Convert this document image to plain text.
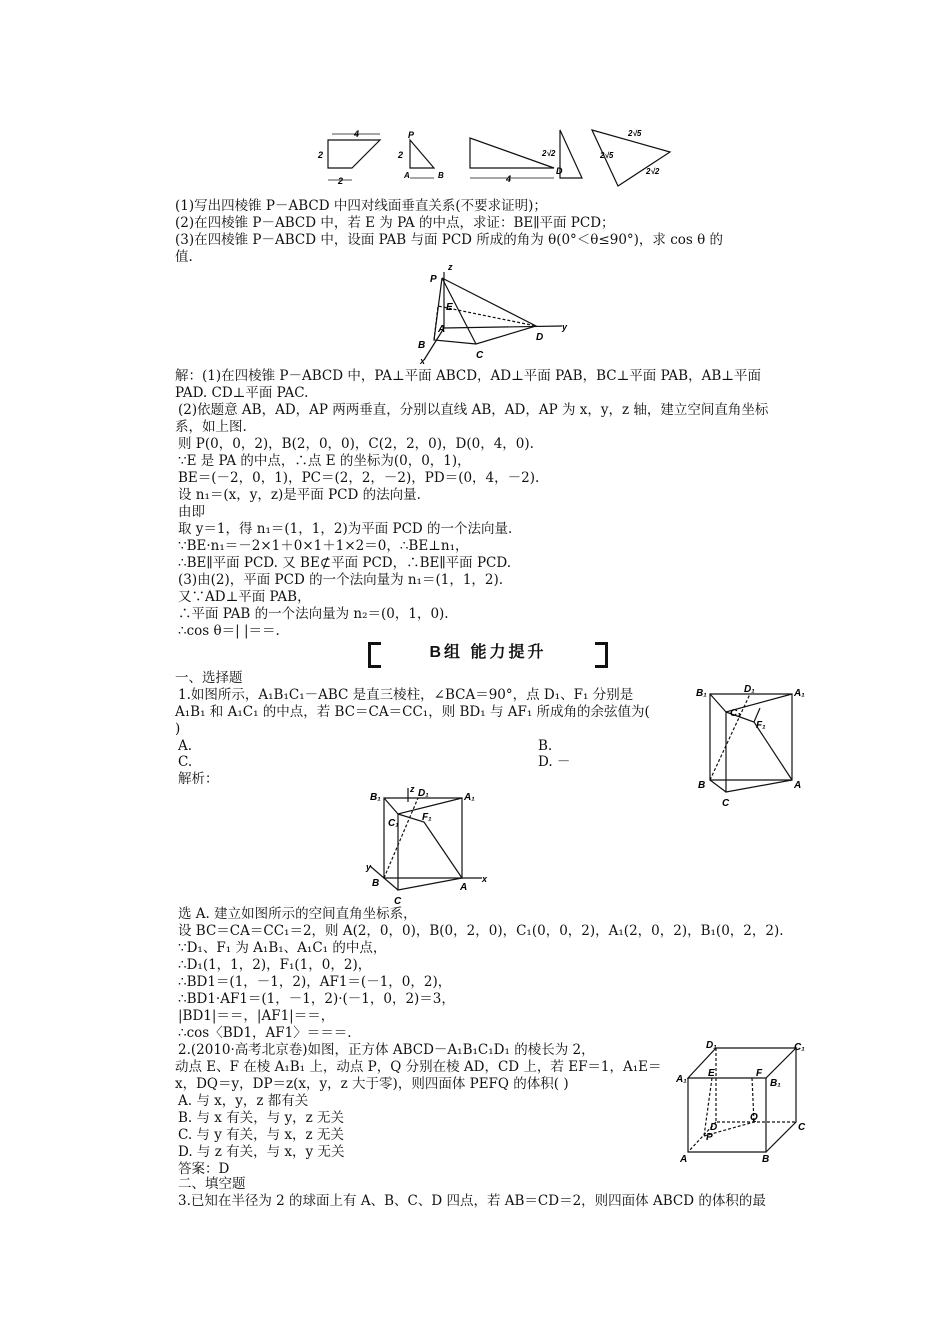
4
2
2
P
A	B
2
4
D
2√2
2√5
2√5
2√2
(1)写出四棱锥 P－ABCD 中四对线面垂直关系(不要求证明)；
(2)在四棱锥 P－ABCD 中，若 E 为 PA 的中点，求证：BE∥平面 PCD；
(3)在四棱锥 P－ABCD 中，设面 PAB 与面 PCD 所成的角为 θ(0°＜θ≤90°)，求 cos θ 的
值.
z
P
E
A
B
C
D
x
y
解：(1)在四棱锥 P－ABCD 中，PA⊥平面 ABCD，AD⊥平面 PAB，BC⊥平面 PAB，AB⊥平面
PAD. CD⊥平面 PAC.
(2)依题意 AB，AD，AP 两两垂直，分别以直线 AB，AD，AP 为 x，y，z 轴，建立空间直角坐标
系，如上图.
则 P(0，0，2)，B(2，0，0)，C(2，2，0)，D(0，4，0).
∵E 是 PA 的中点，∴点 E 的坐标为(0，0，1)，
BE＝(－2，0，1)，PC＝(2，2，－2)，PD＝(0，4，－2).
设 n₁＝(x，y，z)是平面 PCD 的法向量.
由即
取 y＝1，得 n₁＝(1，1，2)为平面 PCD 的一个法向量.
∵BE·n₁＝－2×1＋0×1＋1×2＝0，∴BE⊥n₁，
∴BE∥平面 PCD. 又 BE⊄平面 PCD，∴BE∥平面 PCD.
(3)由(2)，平面 PCD 的一个法向量为 n₁＝(1，1，2).
又∵AD⊥平面 PAB，
∴平面 PAB 的一个法向量为 n₂＝(0，1，0).
∴cos θ＝| |＝＝.
B组 能力提升
一、选择题
1.如图所示，A₁B₁C₁－ABC 是直三棱柱，∠BCA＝90°，点 D₁、F₁ 分别是
A₁B₁ 和 A₁C₁ 的中点，若 BC＝CA＝CC₁，则 BD₁ 与 AF₁ 所成角的余弦值为(
)
A.	B.
C.	D. －
解析：
B₁	D₁	A₁
C₁
F₁
B	A
C
z
B₁	D₁	A₁
C₁
F₁
y
B	A
C
x
选 A. 建立如图所示的空间直角坐标系，
设 BC＝CA＝CC₁＝2，则 A(2，0，0)，B(0，2，0)，C₁(0，0，2)，A₁(2，0，2)，B₁(0，2，2).
∵D₁、F₁ 为 A₁B₁、A₁C₁ 的中点，
∴D₁(1，1，2)，F₁(1，0，2)，
∴BD1＝(1，－1，2)，AF1＝(－1，0，2)，
∴BD1·AF1＝(1，－1，2)·(－1，0，2)＝3，
|BD1|＝＝，|AF1|＝＝，
∴cos〈BD1，AF1〉＝＝＝.
2.(2010·高考北京卷)如图，正方体 ABCD－A₁B₁C₁D₁ 的棱长为 2，
动点 E、F 在棱 A₁B₁ 上，动点 P，Q 分别在棱 AD，CD 上，若 EF＝1，A₁E＝
x，DQ＝y，DP＝z(x，y，z 大于零)，则四面体 PEFQ 的体积( )
A. 与 x，y，z 都有关
B. 与 x 有关，与 y，z 无关
C. 与 y 有关，与 x，z 无关
D. 与 z 有关，与 x，y 无关
答案：D
二、填空题
3.已知在半径为 2 的球面上有 A、B、C、D 四点，若 AB＝CD＝2，则四面体 ABCD 的体积的最
D₁	C₁
A₁
E	F
B₁
D
Q
C
P
A	B
